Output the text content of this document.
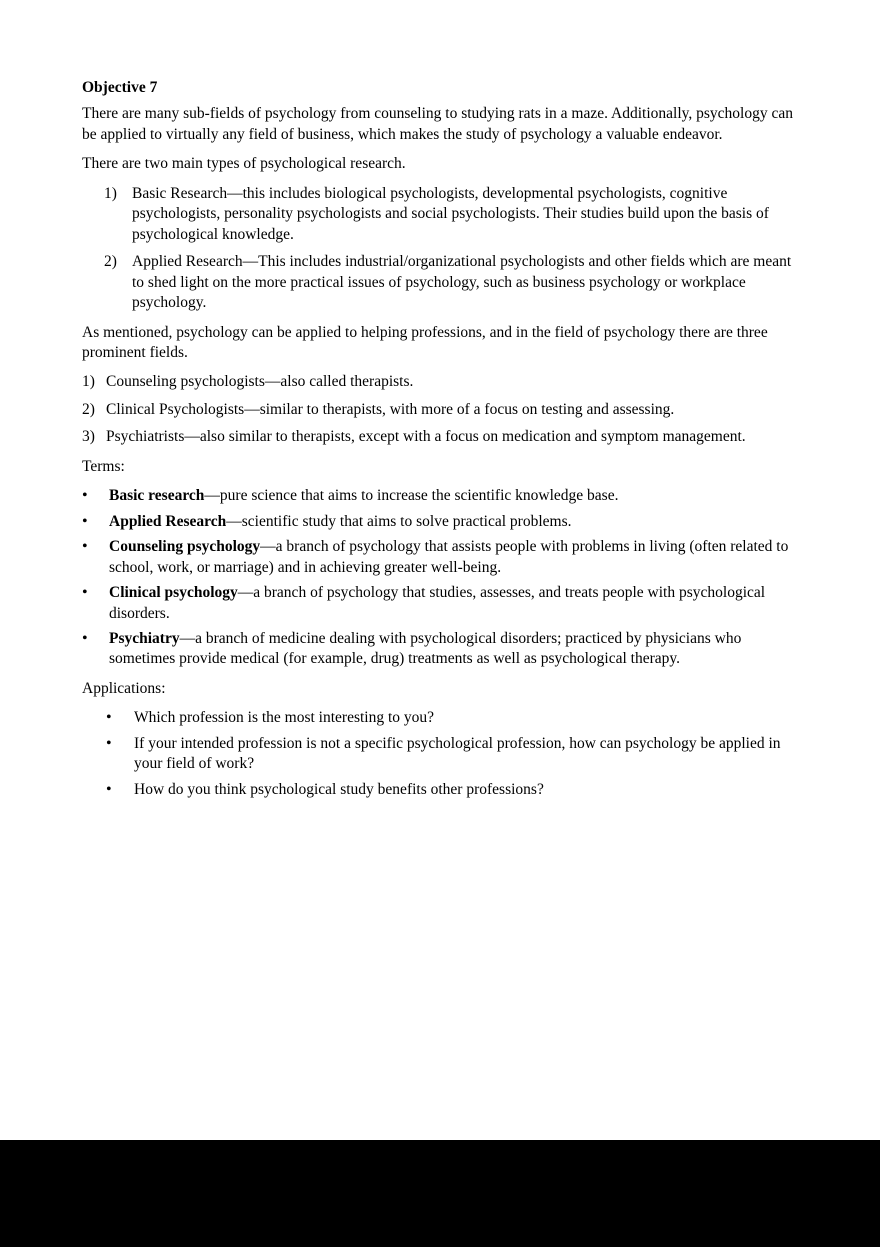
Objective 7

There are many sub-fields of psychology from counseling to studying rats in a maze. Additionally, psychology can be applied to virtually any field of business, which makes the study of psychology a valuable endeavor.

There are two main types of psychological research.

1) Basic Research—this includes biological psychologists, developmental psychologists, cognitive psychologists, personality psychologists and social psychologists. Their studies build upon the basis of psychological knowledge.
2) Applied Research—This includes industrial/organizational psychologists and other fields which are meant to shed light on the more practical issues of psychology, such as business psychology or workplace psychology.

As mentioned, psychology can be applied to helping professions, and in the field of psychology there are three prominent fields.

1) Counseling psychologists—also called therapists.
2) Clinical Psychologists—similar to therapists, with more of a focus on testing and assessing.
3) Psychiatrists—also similar to therapists, except with a focus on medication and symptom management.

Terms:

• Basic research—pure science that aims to increase the scientific knowledge base.
• Applied Research—scientific study that aims to solve practical problems.
• Counseling psychology—a branch of psychology that assists people with problems in living (often related to school, work, or marriage) and in achieving greater well-being.
• Clinical psychology—a branch of psychology that studies, assesses, and treats people with psychological disorders.
• Psychiatry—a branch of medicine dealing with psychological disorders; practiced by physicians who sometimes provide medical (for example, drug) treatments as well as psychological therapy.

Applications:

• Which profession is the most interesting to you?
• If your intended profession is not a specific psychological profession, how can psychology be applied in your field of work?
• How do you think psychological study benefits other professions?
